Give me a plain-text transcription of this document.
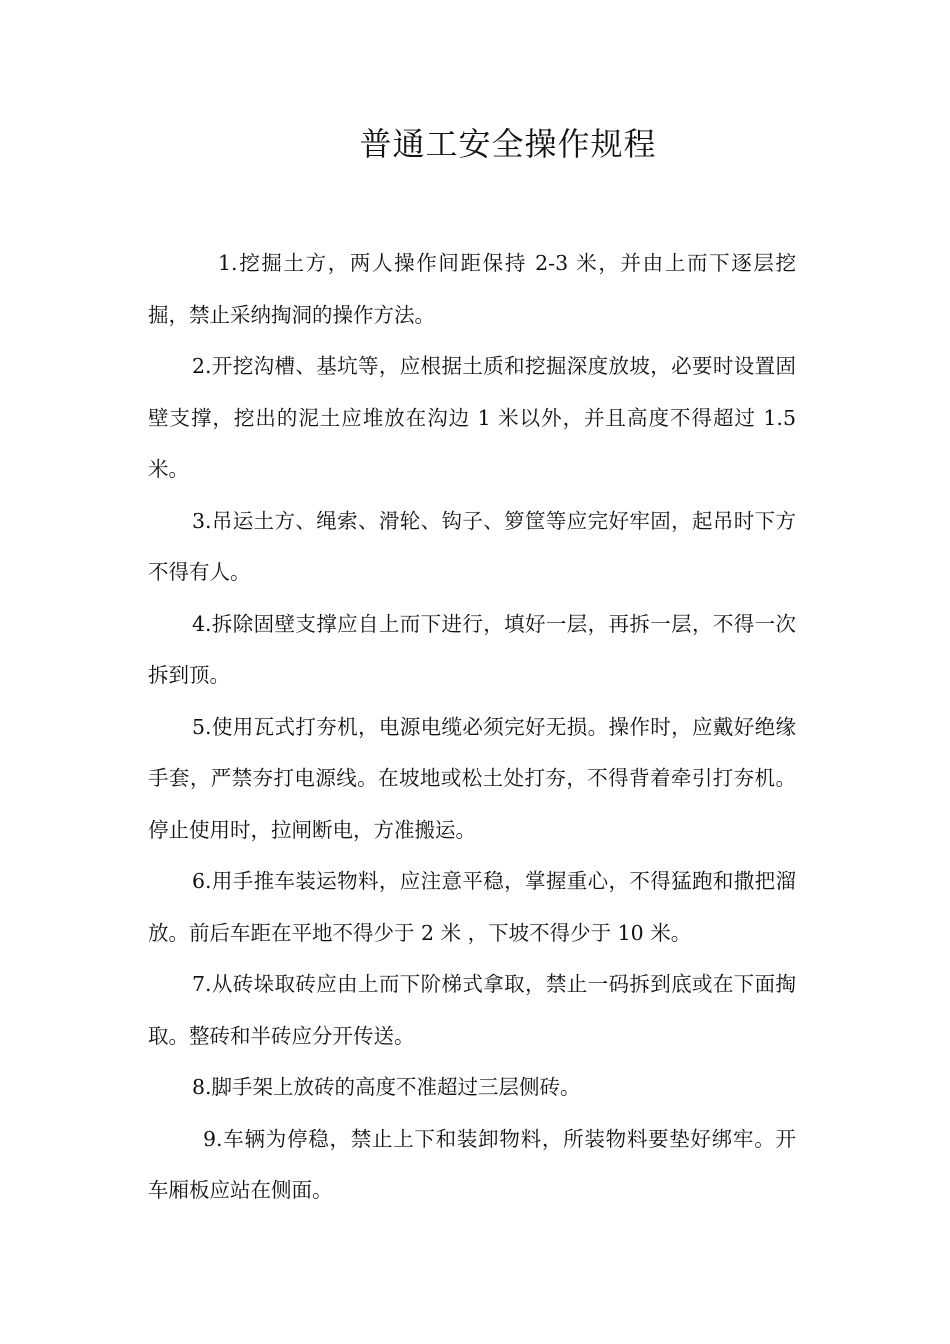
普通工安全操作规程

1.挖掘土方，两人操作间距保持 2-3 米，并由上而下逐层挖掘，禁止采纳掏洞的操作方法。

2.开挖沟槽、基坑等，应根据土质和挖掘深度放坡，必要时设置固壁支撑，挖出的泥土应堆放在沟边 1 米以外，并且高度不得超过 1.5 米。

3.吊运土方、绳索、滑轮、钩子、箩筐等应完好牢固，起吊时下方不得有人。

4.拆除固壁支撑应自上而下进行，填好一层，再拆一层，不得一次拆到顶。

5.使用瓦式打夯机，电源电缆必须完好无损。操作时，应戴好绝缘手套，严禁夯打电源线。在坡地或松土处打夯，不得背着牵引打夯机。停止使用时，拉闸断电，方准搬运。

6.用手推车装运物料，应注意平稳，掌握重心，不得猛跑和撒把溜放。前后车距在平地不得少于 2 米 ，下坡不得少于 10 米。

7.从砖垛取砖应由上而下阶梯式拿取，禁止一码拆到底或在下面掏取。整砖和半砖应分开传送。

8.脚手架上放砖的高度不准超过三层侧砖。

9.车辆为停稳，禁止上下和装卸物料，所装物料要垫好绑牢。开车厢板应站在侧面。
